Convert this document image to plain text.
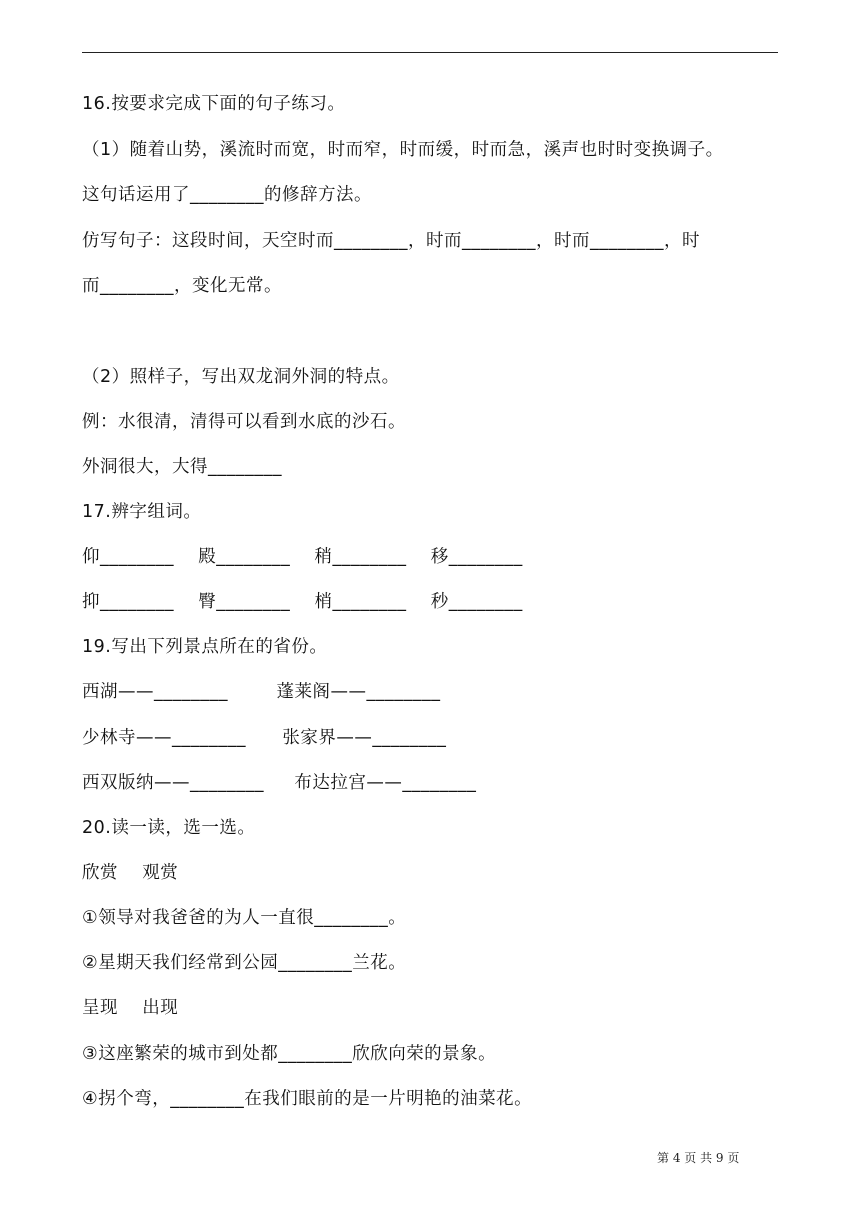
16.按要求完成下面的句子练习。
（1）随着山势，溪流时而宽，时而窄，时而缓，时而急，溪声也时时变换调子。
这句话运用了________的修辞方法。
仿写句子：这段时间，天空时而________，时而________，时而________，时
而________，变化无常。
（2）照样子，写出双龙洞外洞的特点。
例：水很清，清得可以看到水底的沙石。
外洞很大，大得________
17.辨字组词。
仰________    殿________    稍________    移________
抑________    臀________    梢________    秒________
19.写出下列景点所在的省份。
西湖——________        蓬莱阁——________
少林寺——________      张家界——________
西双版纳——________     布达拉宫——________
20.读一读，选一选。
欣赏    观赏
①领导对我爸爸的为人一直很________。
②星期天我们经常到公园________兰花。
呈现    出现
③这座繁荣的城市到处都________欣欣向荣的景象。
④拐个弯，________在我们眼前的是一片明艳的油菜花。
第 4 页 共 9 页
